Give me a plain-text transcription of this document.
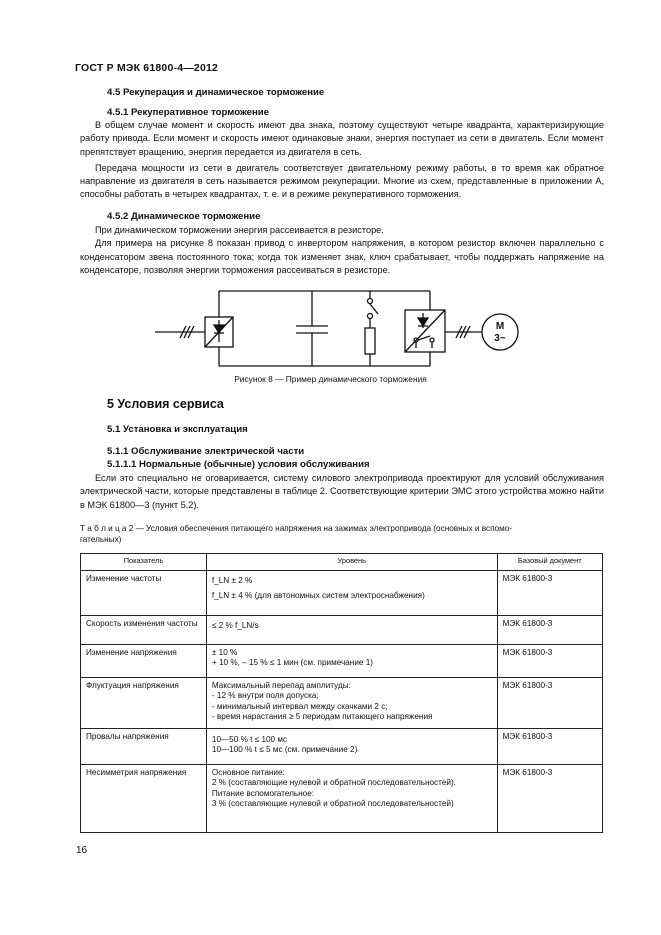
ГОСТ Р МЭК 61800-4—2012
4.5 Рекуперация и динамическое торможение
4.5.1 Рекуперативное торможение

В общем случае момент и скорость имеют два знака, поэтому существуют четыре квадранта, характеризирующие работу привода. Если момент и скорость имеют одинаковые знаки, энергия поступает из сети в двигатель. Если момент препятствует вращению, энергия передается из двигателя в сеть.

Передача мощности из сети в двигатель соответствует двигательному режиму работы, в то время как обратное направление из двигателя в сеть называется режимом рекуперации. Многие из схем, представленные в приложении А, способны работать в четырех квадрантах, т. е. и в режиме рекуперативного торможения.

4.5.2 Динамическое торможение

При динамическом торможении энергия рассеивается в резисторе.

Для примера на рисунке 8 показан привод с инвертором напряжения, в котором резистор включен параллельно с конденсатором звена постоянного тока; когда ток изменяет знак, ключ срабатывает, чтобы поддержать напряжение на конденсаторе, позволяя энергии торможения рассеиваться в резисторе.

М
3~
Рисунок 8 — Пример динамического торможения
5 Условия сервиса
5.1 Установка и эксплуатация
5.1.1 Обслуживание электрической части
5.1.1.1 Нормальные (обычные) условия обслуживания

Если это специально не оговаривается, систему силового электропривода проектируют для условий обслуживания электрической части, которые представлены в таблице 2. Соответствующие критерии ЭМС этого устройства можно найти в МЭК 61800—3 (пункт 5.2).

Т а б л и ц а 2 — Условия обеспечения питающего напряжения на зажимах электропривода (основных и вспомо-
гательных)
Показатель	Уровень	Базовый документ
Изменение частоты	f_LN ± 2 %
f_LN ± 4 % (для автономных систем электроснабжения)	МЭК 61800-3
Скорость изменения частоты	≤ 2 % f_LN/s	МЭК 61800-3
Изменение напряжения	± 10 %
+ 10 %, – 15 % ≤ 1 мин (см. примечание 1)	МЭК 61800-3
Флуктуация напряжения	Максимальный перепад амплитуды:
- 12 % внутри поля допуска;
- минимальный интервал между скачками 2 с;
- время нарастания ≥ 5 периодам питающего напряжения	МЭК 61800-3
Провалы напряжения	10—50 % t ≤ 100 мс
10—100 % t ≤ 5 мс (см. примечание 2)	МЭК 61800-3
Несимметрия напряжения	Основное питание:
2 % (составляющие нулевой и обратной последовательностей).
Питание вспомогательное:
3 % (составляющие нулевой и обратной последовательностей)	МЭК 61800-3
16
